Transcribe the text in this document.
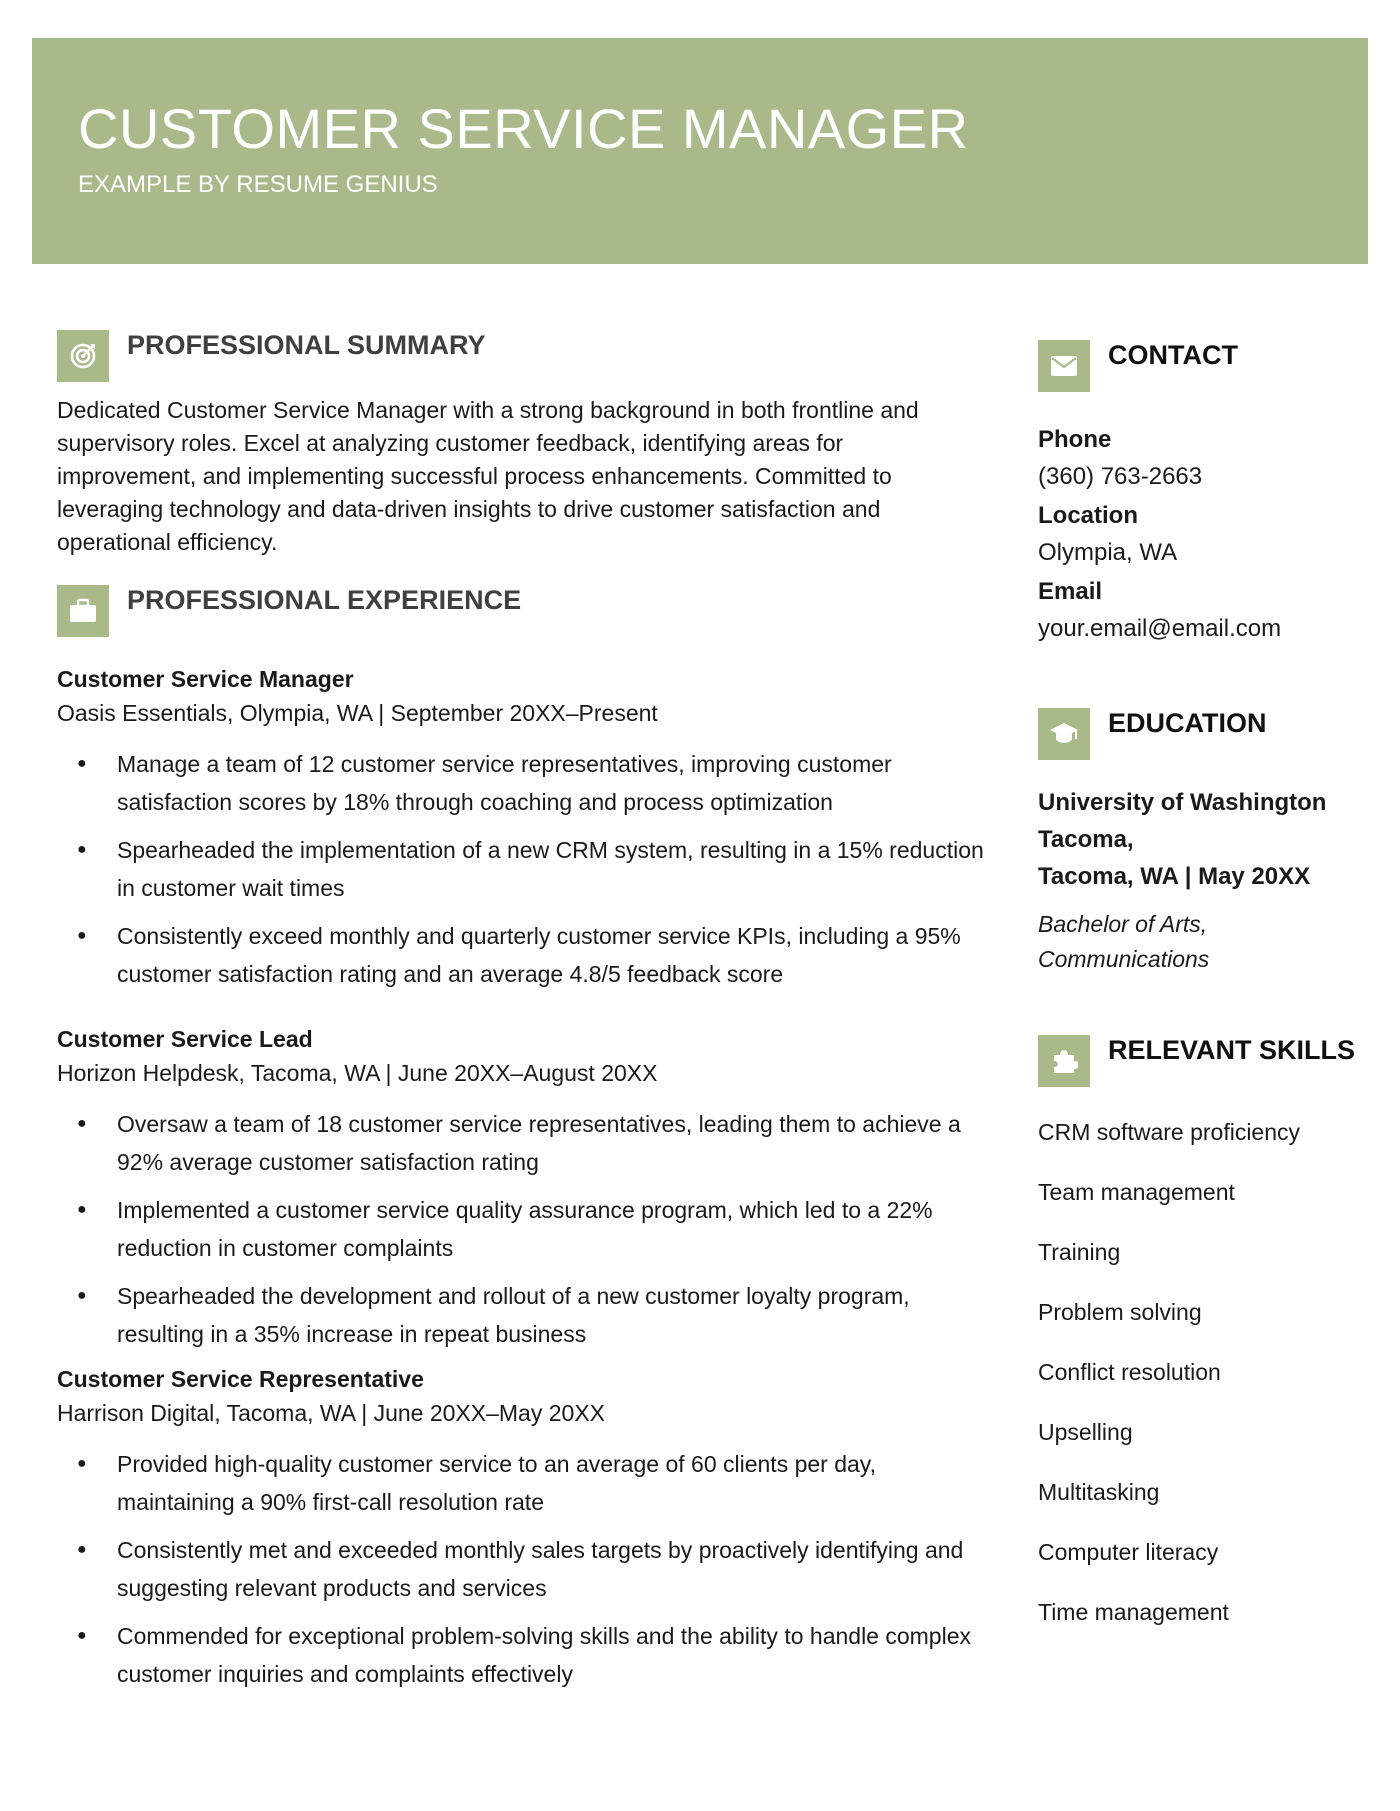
CUSTOMER SERVICE MANAGER
EXAMPLE BY RESUME GENIUS
PROFESSIONAL SUMMARY

Dedicated Customer Service Manager with a strong background in both frontline and supervisory roles. Excel at analyzing customer feedback, identifying areas for improvement, and implementing successful process enhancements. Committed to leveraging technology and data-driven insights to drive customer satisfaction and operational efficiency.

PROFESSIONAL EXPERIENCE
Customer Service Manager
Oasis Essentials, Olympia, WA | September 20XX–Present
● Manage a team of 12 customer service representatives, improving customer satisfaction scores by 18% through coaching and process optimization
● Spearheaded the implementation of a new CRM system, resulting in a 15% reduction in customer wait times
● Consistently exceed monthly and quarterly customer service KPIs, including a 95% customer satisfaction rating and an average 4.8/5 feedback score
Customer Service Lead
Horizon Helpdesk, Tacoma, WA | June 20XX–August 20XX
● Oversaw a team of 18 customer service representatives, leading them to achieve a 92% average customer satisfaction rating
● Implemented a customer service quality assurance program, which led to a 22% reduction in customer complaints
● Spearheaded the development and rollout of a new customer loyalty program, resulting in a 35% increase in repeat business
Customer Service Representative
Harrison Digital, Tacoma, WA | June 20XX–May 20XX
● Provided high-quality customer service to an average of 60 clients per day, maintaining a 90% first-call resolution rate
● Consistently met and exceeded monthly sales targets by proactively identifying and suggesting relevant products and services
● Commended for exceptional problem-solving skills and the ability to handle complex customer inquiries and complaints effectively
CONTACT
Phone
(360) 763-2663
Location
Olympia, WA
Email
your.email@email.com
EDUCATION
University of Washington
Tacoma,
Tacoma, WA | May 20XX
Bachelor of Arts,
Communications
RELEVANT SKILLS
CRM software proficiency
Team management
Training
Problem solving
Conflict resolution
Upselling
Multitasking
Computer literacy
Time management
